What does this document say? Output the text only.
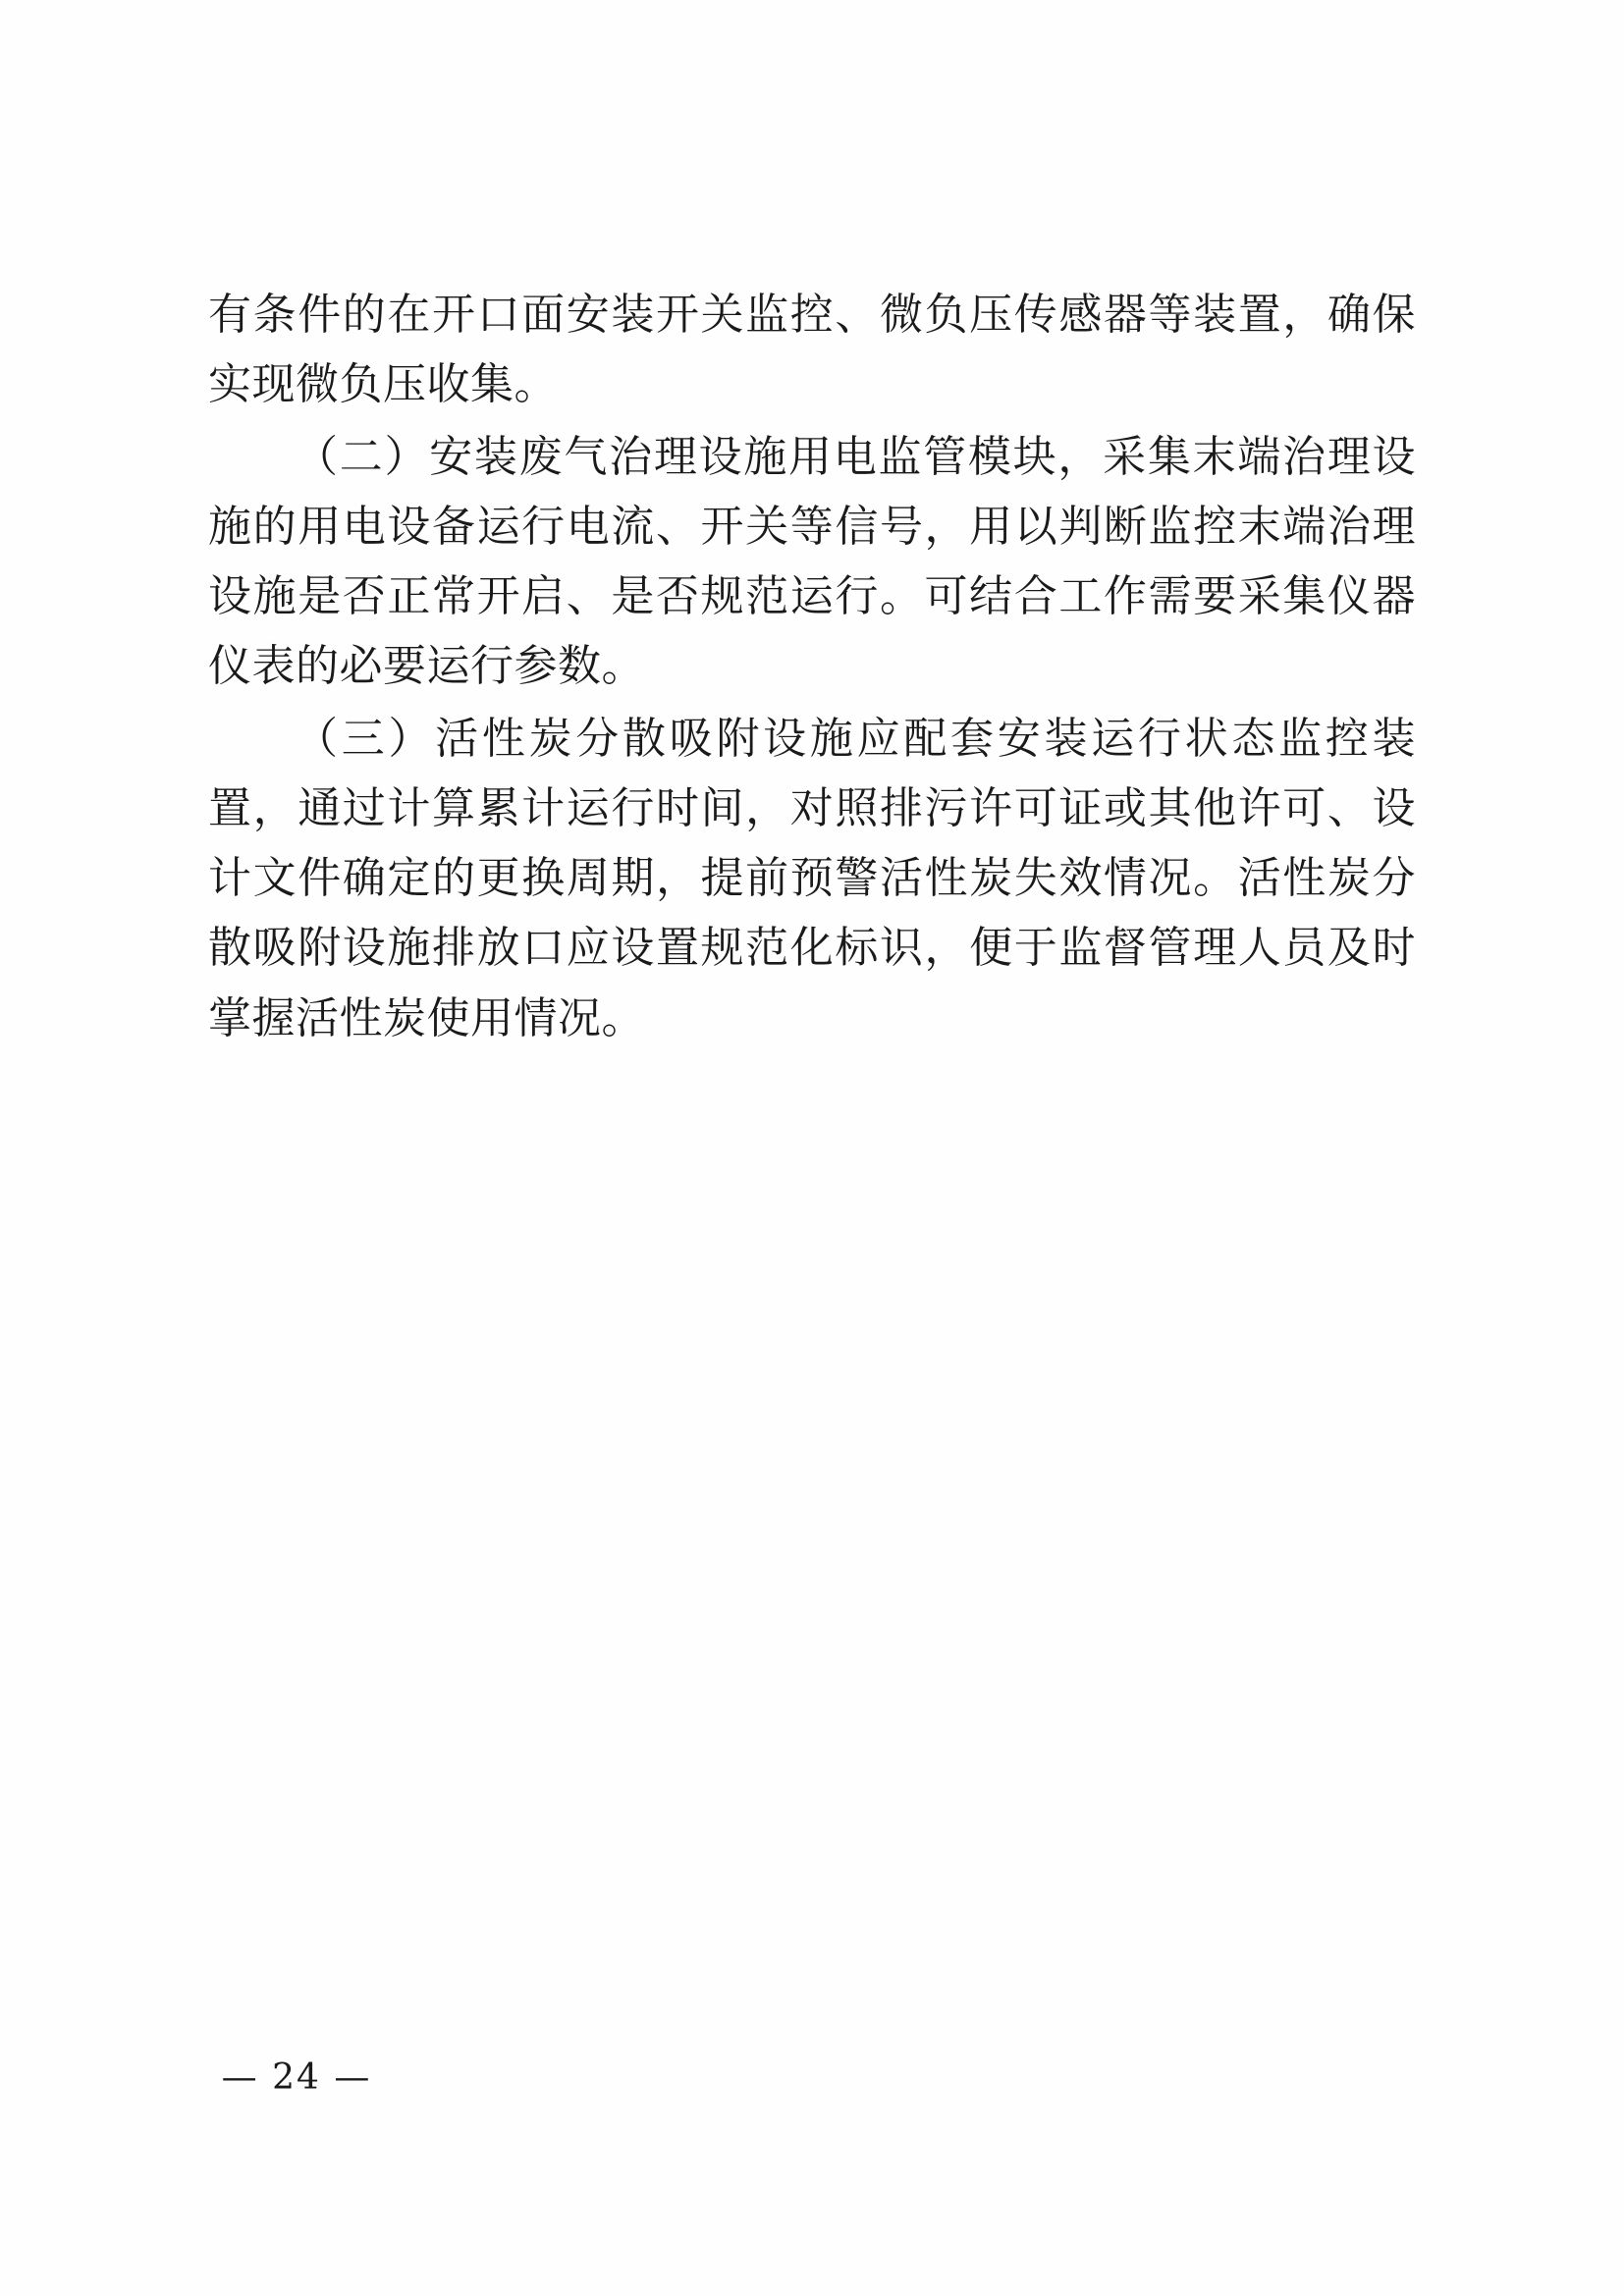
有条件的在开口面安装开关监控、微负压传感器等装置，确保实现微负压收集。

（二）安装废气治理设施用电监管模块，采集末端治理设施的用电设备运行电流、开关等信号，用以判断监控末端治理设施是否正常开启、是否规范运行。可结合工作需要采集仪器仪表的必要运行参数。

（三）活性炭分散吸附设施应配套安装运行状态监控装置，通过计算累计运行时间，对照排污许可证或其他许可、设计文件确定的更换周期，提前预警活性炭失效情况。活性炭分散吸附设施排放口应设置规范化标识，便于监督管理人员及时掌握活性炭使用情况。

— 24 —
